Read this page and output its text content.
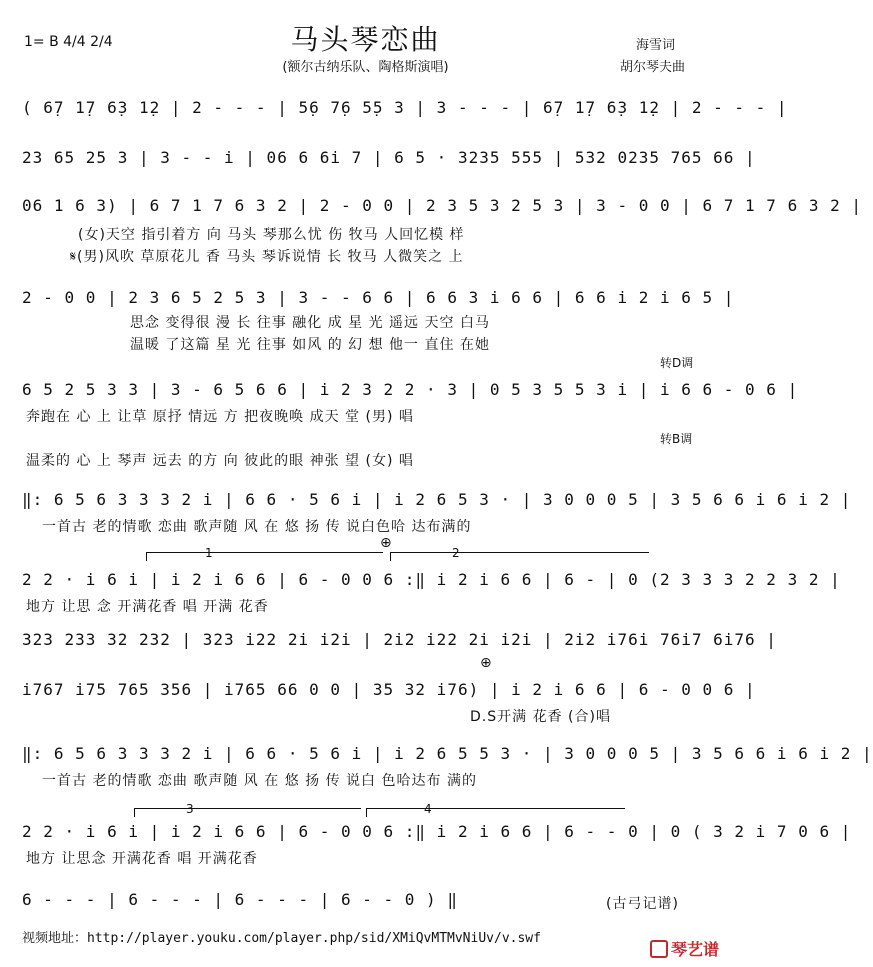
马头琴恋曲
(额尔古纳乐队、陶格斯演唱)
1= B 4/4 2/4	海雪词
胡尔琴夫曲
( 6̣7 1̣7 6̣3 1̣2 | 2 - - - | 5̣6 7̣6 5̣5 3 | 3 - - - | 6̣7 1̣7 6̣3 1̣2 | 2 - - - |
23 65 25 3 | 3 - - i | 06 6 6i 7 | 6 5 · 3235 555 | 532 0235 765 66 |
06 1 6 3) | 6 7 1 7 6 3 2 | 2 - 0 0 | 2 3 5 3 2 5 3 | 3 - 0 0 | 6 7 1 7 6 3 2 |
(女)天空 指引着方 向 马头 琴那么忧 伤 牧马 人回忆模 样
𝄋(男)风吹 草原花儿 香 马头 琴诉说情 长 牧马 人微笑之 上
2 - 0 0 | 2 3 6 5 2 5 3 | 3 - - 6 6 | 6 6 3 i 6 6 | 6 6 i 2 i 6 5 |
思念 变得很 漫 长 往事 融化 成 星 光 遥远 天空 白马
温暖 了这篇 星 光 往事 如风 的 幻 想 他一 直住 在她
转D调
6 5 2 5 3 3 | 3 - 6 5 6 6 | i 2 3 2 2 · 3 | 0 5 3 5 5 3 i | i 6 6 - 0 6 |
奔跑在 心 上 让草 原抒 情远 方 把夜晚唤 成天 堂 (男) 唱
转B调
温柔的 心 上 琴声 远去 的方 向 彼此的眼 神张 望 (女) 唱
‖: 6 5 6 3 3 3 2 i | 6 6 · 5 6 i | i 2 6 5 3 · | 3 0 0 0 5 | 3 5 6 6 i 6 i 2 |
一首古 老的情歌 恋曲 歌声随 风 在 悠 扬 传 说白色哈 达布满的
1	2
⊕
2 2 · i 6 i | i 2 i 6 6 | 6 - 0 0 6 :‖ i 2 i 6 6 | 6 - | 0 (2 3 3 3 2 2 3 2 |
地方 让思 念 开满花香 唱 开满 花香
323 233 32 232 | 323 i22 2i i2i | 2i2 i22 2i i2i | 2i2 i76i 76i7 6i76 |
⊕
i767 i75 765 356 | i765 66 0 0 | 35 32 i76) | i 2 i 6 6 | 6 - 0 0 6 |
D.S开满 花香 (合)唱
‖: 6 5 6 3 3 3 2 i | 6 6 · 5 6 i | i 2 6 5 5 3 · | 3 0 0 0 5 | 3 5 6 6 i 6 i 2 |
一首古 老的情歌 恋曲 歌声随 风 在 悠 扬 传 说白 色哈达布 满的
3	4
2 2 · i 6 i | i 2 i 6 6 | 6 - 0 0 6 :‖ i 2 i 6 6 | 6 - - 0 | 0 ( 3 2 i 7 0 6 |
地方 让思念 开满花香 唱 开满花香
6 - - - | 6 - - - | 6 - - - | 6 - - 0 ) ‖	(古弓记谱)
视频地址：http://player.youku.com/player.php/sid/XMiQvMTMvNiUv/v.swf
琴艺谱
